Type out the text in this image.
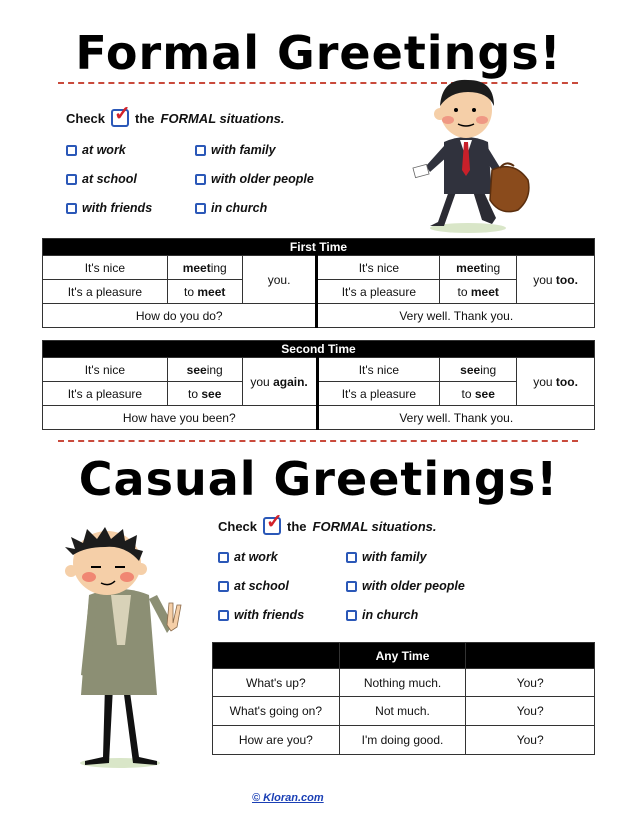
Formal Greetings!
Check ✓ the FORMAL situations.
at work	with family
at school	with older people
with friends	in church
First Time					
It's nice	meeting	you.	It's nice	meeting	you too.
It's a pleasure	to meet		It's a pleasure	to meet	
How do you do?			Very well. Thank you.		
Second Time					
It's nice	seeing	you again.	It's nice	seeing	you too.
It's a pleasure	to see		It's a pleasure	to see	
How have you been?			Very well. Thank you.		
Casual Greetings!
Check ✓ the FORMAL situations.
at work	with family
at school	with older people
with friends	in church
	Any Time	
What's up?	Nothing much.	You?
What's going on?	Not much.	You?
How are you?	I'm doing good.	You?
© Kloran.com
